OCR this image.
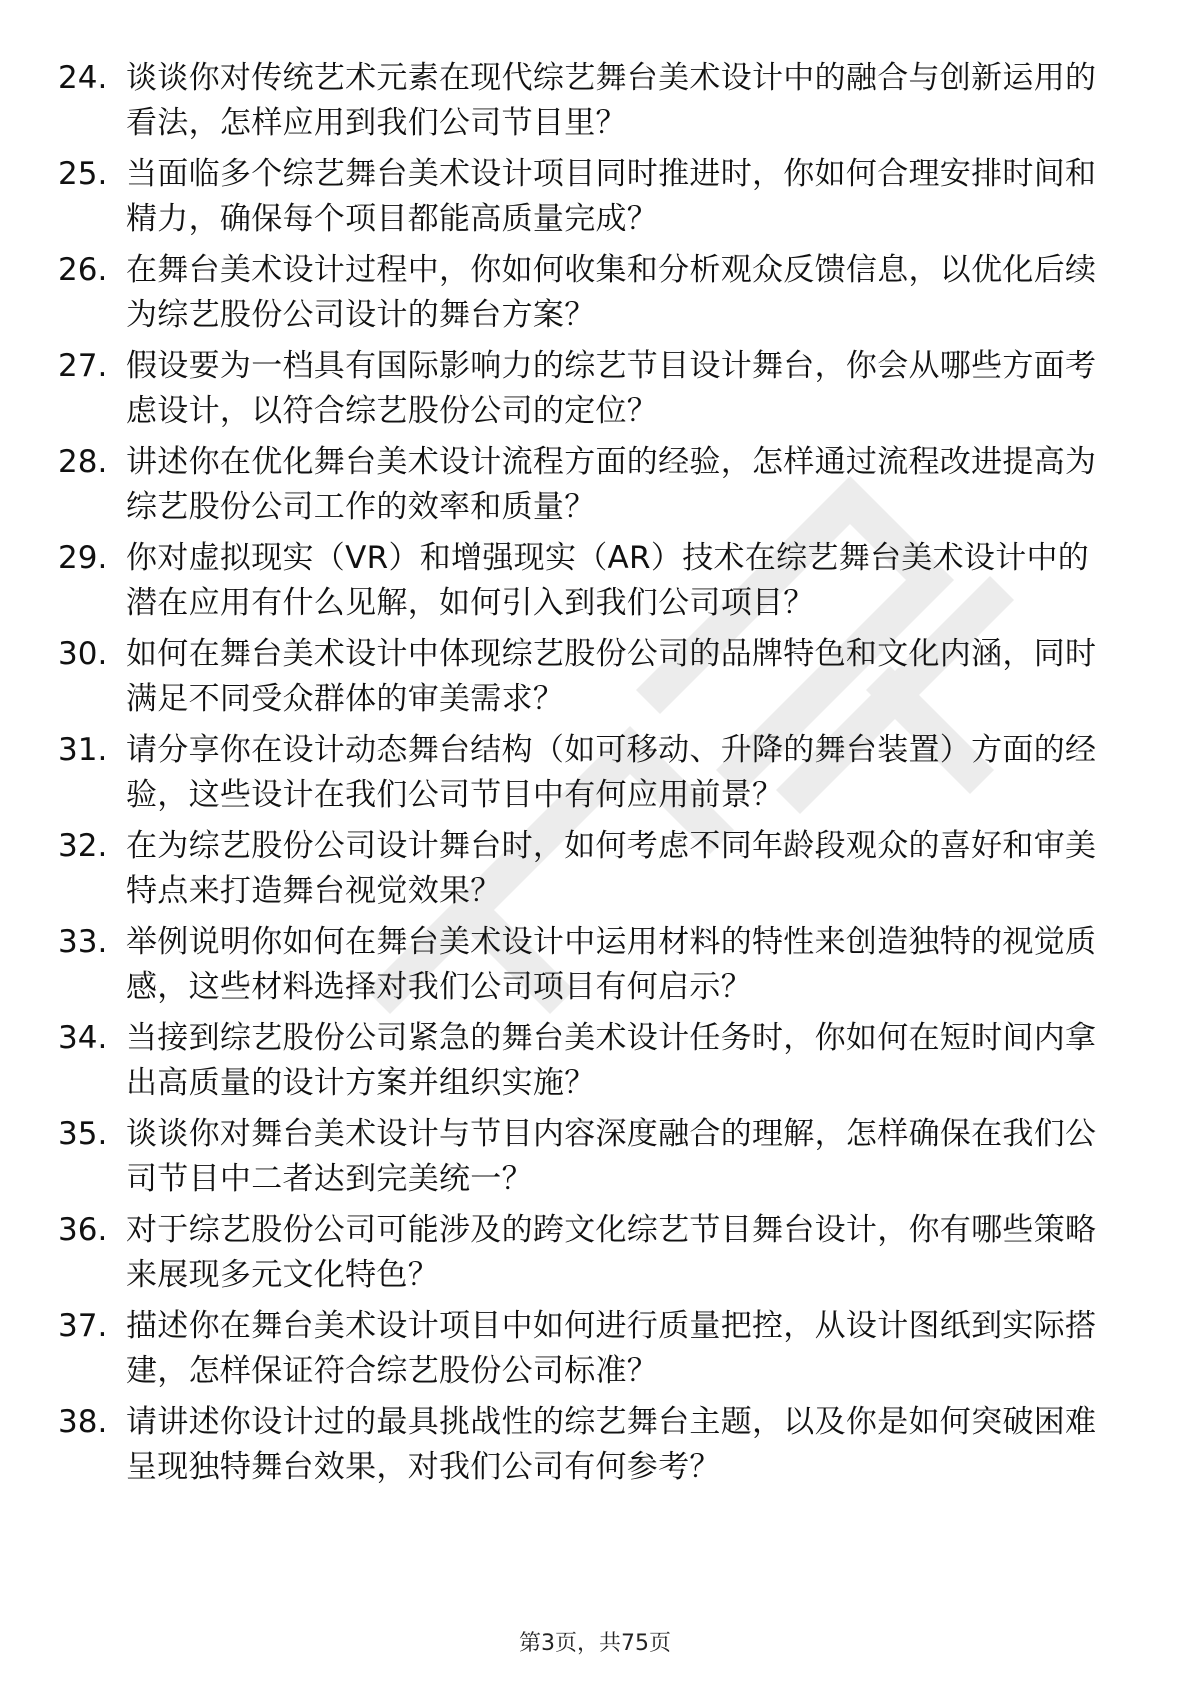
24. 谈谈你对传统艺术元素在现代综艺舞台美术设计中的融合与创新运用的看法，怎样应用到我们公司节目里？
25. 当面临多个综艺舞台美术设计项目同时推进时，你如何合理安排时间和精力，确保每个项目都能高质量完成？
26. 在舞台美术设计过程中，你如何收集和分析观众反馈信息，以优化后续为综艺股份公司设计的舞台方案？
27. 假设要为一档具有国际影响力的综艺节目设计舞台，你会从哪些方面考虑设计，以符合综艺股份公司的定位？
28. 讲述你在优化舞台美术设计流程方面的经验，怎样通过流程改进提高为综艺股份公司工作的效率和质量？
29. 你对虚拟现实（VR）和增强现实（AR）技术在综艺舞台美术设计中的潜在应用有什么见解，如何引入到我们公司项目？
30. 如何在舞台美术设计中体现综艺股份公司的品牌特色和文化内涵，同时满足不同受众群体的审美需求？
31. 请分享你在设计动态舞台结构（如可移动、升降的舞台装置）方面的经验，这些设计在我们公司节目中有何应用前景？
32. 在为综艺股份公司设计舞台时，如何考虑不同年龄段观众的喜好和审美特点来打造舞台视觉效果？
33. 举例说明你如何在舞台美术设计中运用材料的特性来创造独特的视觉质感，这些材料选择对我们公司项目有何启示？
34. 当接到综艺股份公司紧急的舞台美术设计任务时，你如何在短时间内拿出高质量的设计方案并组织实施？
35. 谈谈你对舞台美术设计与节目内容深度融合的理解，怎样确保在我们公司节目中二者达到完美统一？
36. 对于综艺股份公司可能涉及的跨文化综艺节目舞台设计，你有哪些策略来展现多元文化特色？
37. 描述你在舞台美术设计项目中如何进行质量把控，从设计图纸到实际搭建，怎样保证符合综艺股份公司标准？
38. 请讲述你设计过的最具挑战性的综艺舞台主题，以及你是如何突破困难呈现独特舞台效果，对我们公司有何参考？
第3页，共75页
